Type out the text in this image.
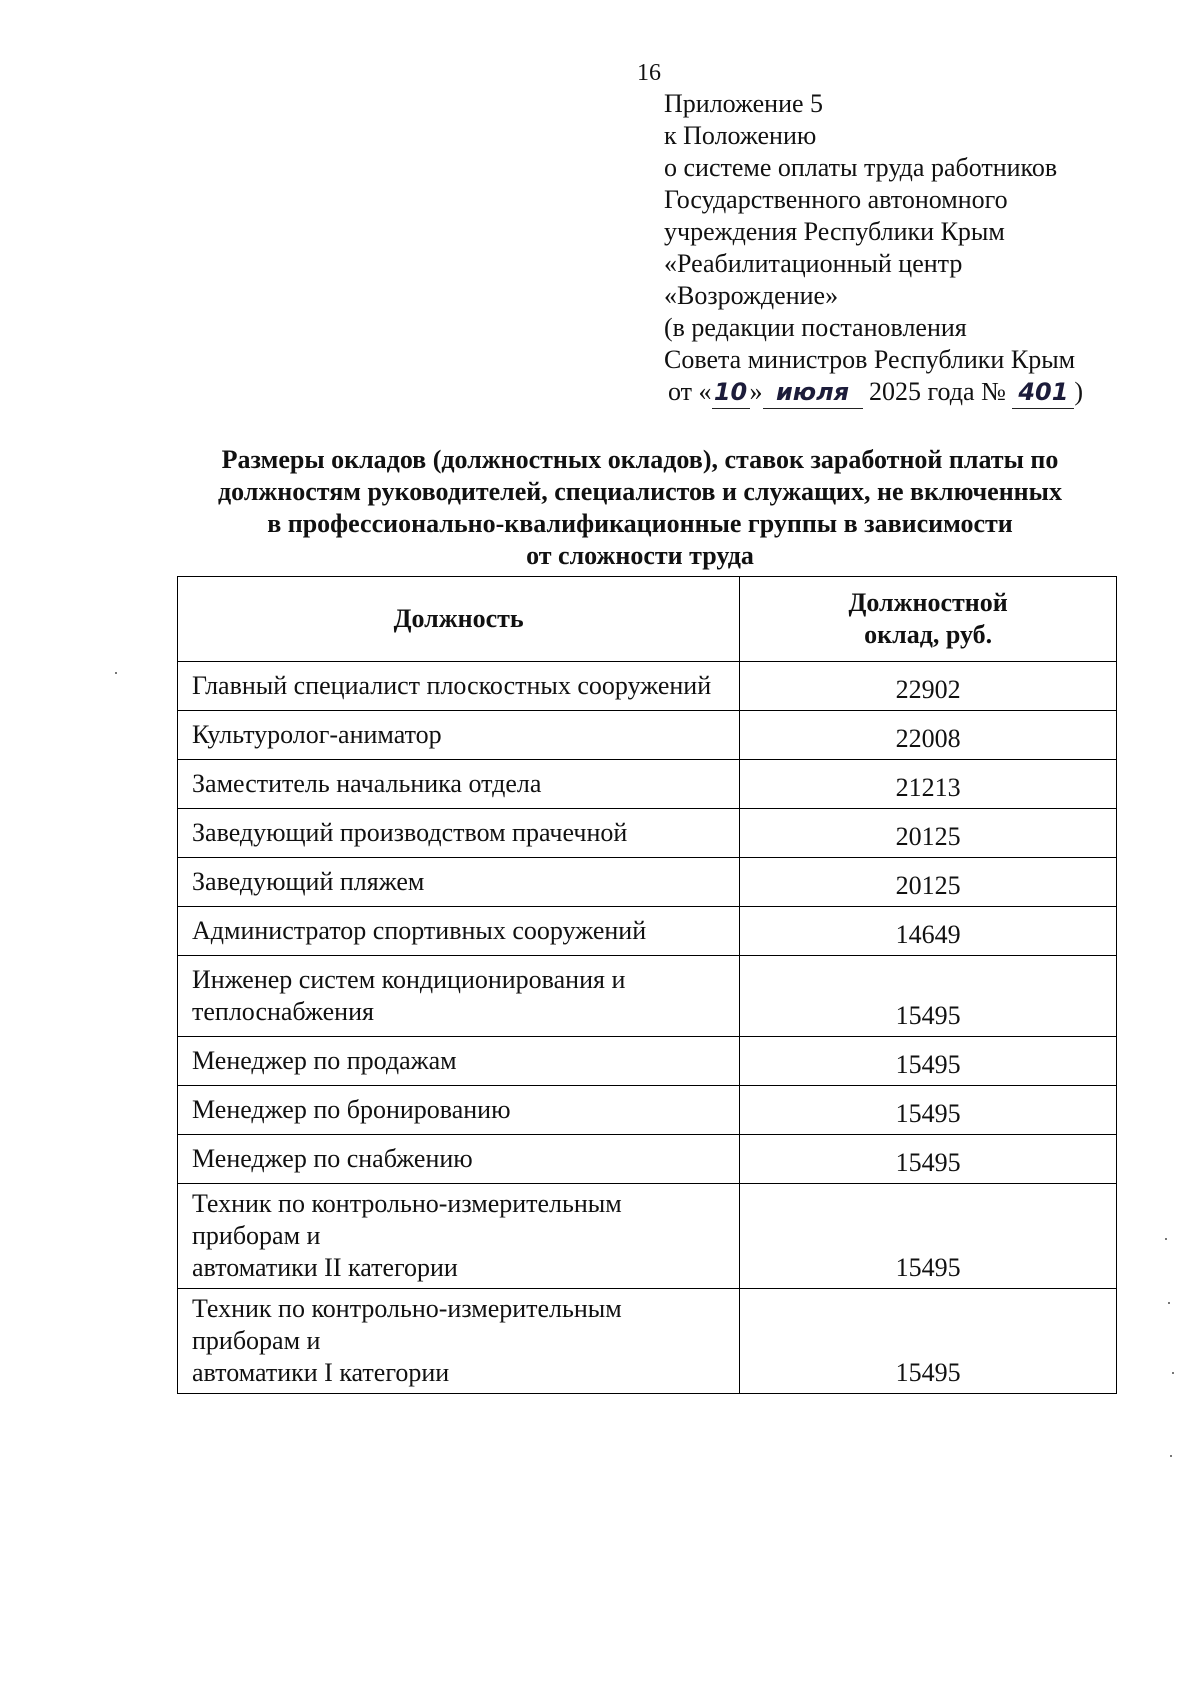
16
Приложение 5
к Положению
о системе оплаты труда работников
Государственного автономного
учреждения Республики Крым
«Реабилитационный центр
«Возрождение»
(в редакции постановления
Совета министров Республики Крым
от «10» июля 2025 года № 401 )
Размеры окладов (должностных окладов), ставок заработной платы по
должностям руководителей, специалистов и служащих, не включенных
в профессионально-квалификационные группы в зависимости
от сложности труда
Должность	Должностной
оклад, руб.

Главный специалист плоскостных сооружений	22902
Культуролог-аниматор	22008
Заместитель начальника отдела	21213
Заведующий производством прачечной	20125
Заведующий пляжем	20125
Администратор спортивных сооружений	14649

Инженер систем кондиционирования и
теплоснабжения	15495
Менеджер по продажам	15495
Менеджер по бронированию	15495
Менеджер по снабжению	15495

Техник по контрольно-измерительным приборам и
автоматики II категории	15495

Техник по контрольно-измерительным приборам и
автоматики I категории	15495
